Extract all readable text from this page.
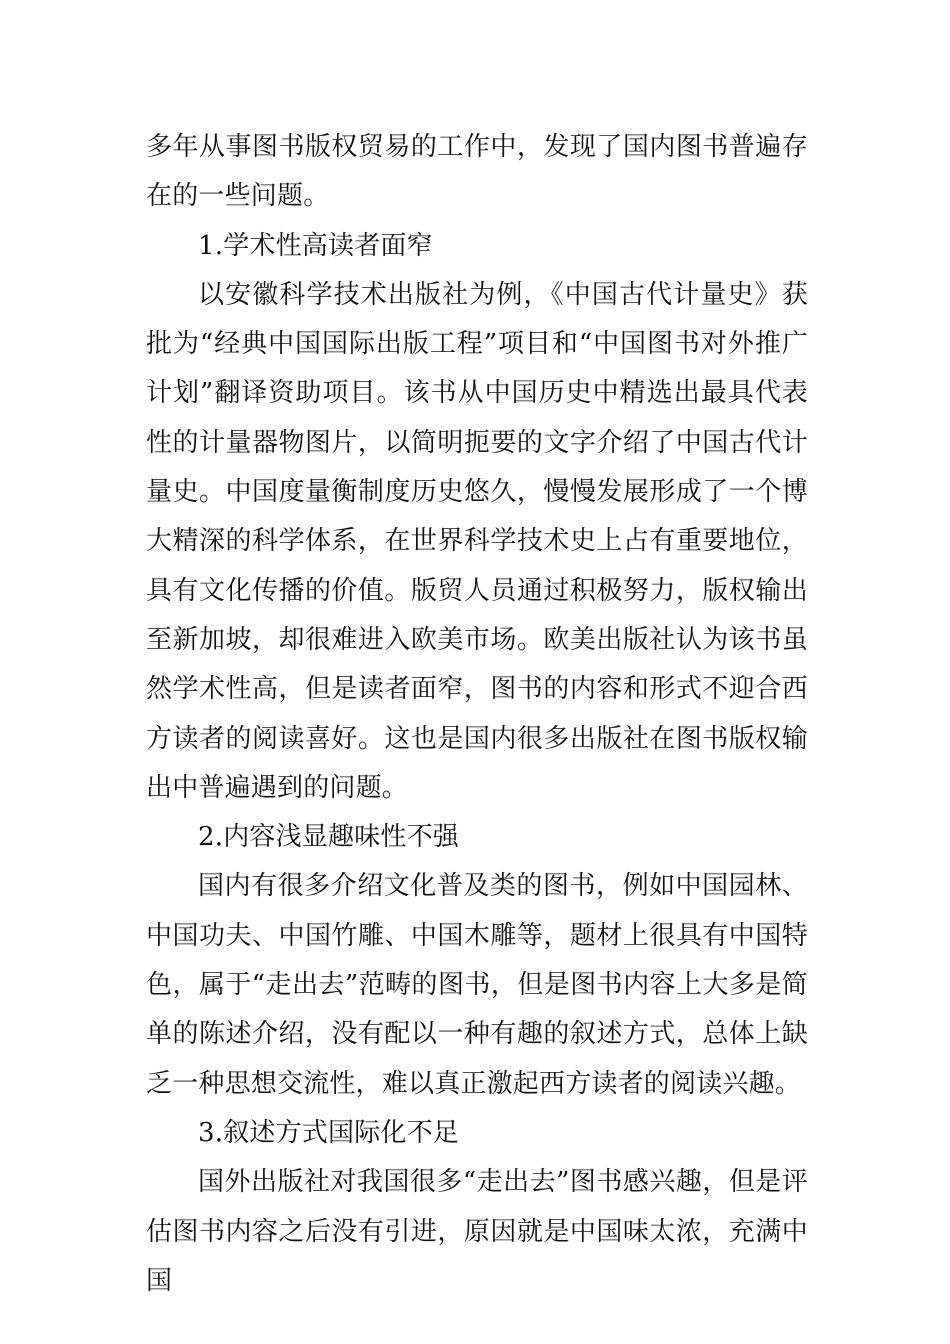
多年从事图书版权贸易的工作中，发现了国内图书普遍存在的一些问题。

1.学术性高读者面窄

以安徽科学技术出版社为例，《中国古代计量史》获批为“经典中国国际出版工程”项目和“中国图书对外推广计划”翻译资助项目。该书从中国历史中精选出最具代表性的计量器物图片，以简明扼要的文字介绍了中国古代计量史。中国度量衡制度历史悠久，慢慢发展形成了一个博大精深的科学体系，在世界科学技术史上占有重要地位，具有文化传播的价值。版贸人员通过积极努力，版权输出至新加坡，却很难进入欧美市场。欧美出版社认为该书虽然学术性高，但是读者面窄，图书的内容和形式不迎合西方读者的阅读喜好。这也是国内很多出版社在图书版权输出中普遍遇到的问题。

2.内容浅显趣味性不强

国内有很多介绍文化普及类的图书，例如中国园林、中国功夫、中国竹雕、中国木雕等，题材上很具有中国特色，属于“走出去”范畴的图书，但是图书内容上大多是简单的陈述介绍，没有配以一种有趣的叙述方式，总体上缺乏一种思想交流性，难以真正激起西方读者的阅读兴趣。

3.叙述方式国际化不足

国外出版社对我国很多“走出去”图书感兴趣，但是评估图书内容之后没有引进，原因就是中国味太浓，充满中国
